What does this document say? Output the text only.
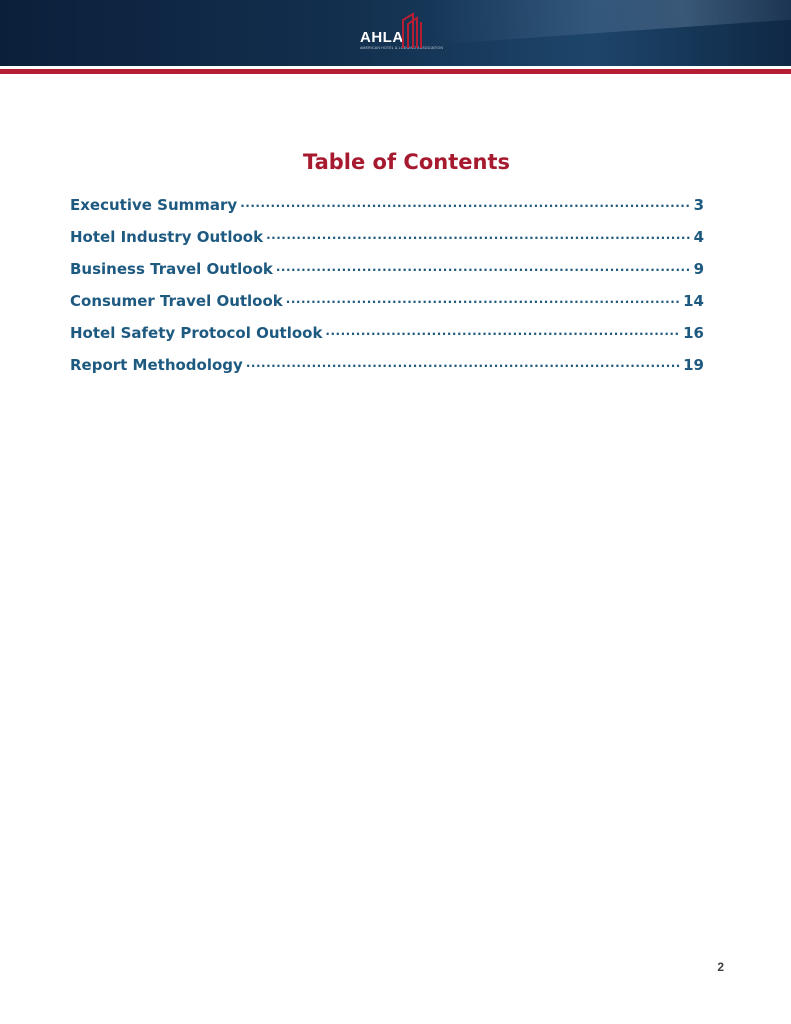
AHLA
AMERICAN HOTEL & LODGING ASSOCIATION
Table of Contents
Executive Summary .....	3
Hotel Industry Outlook .....	4
Business Travel Outlook .....	9
Consumer Travel Outlook .....	14
Hotel Safety Protocol Outlook .....	16
Report Methodology .....	19
2
